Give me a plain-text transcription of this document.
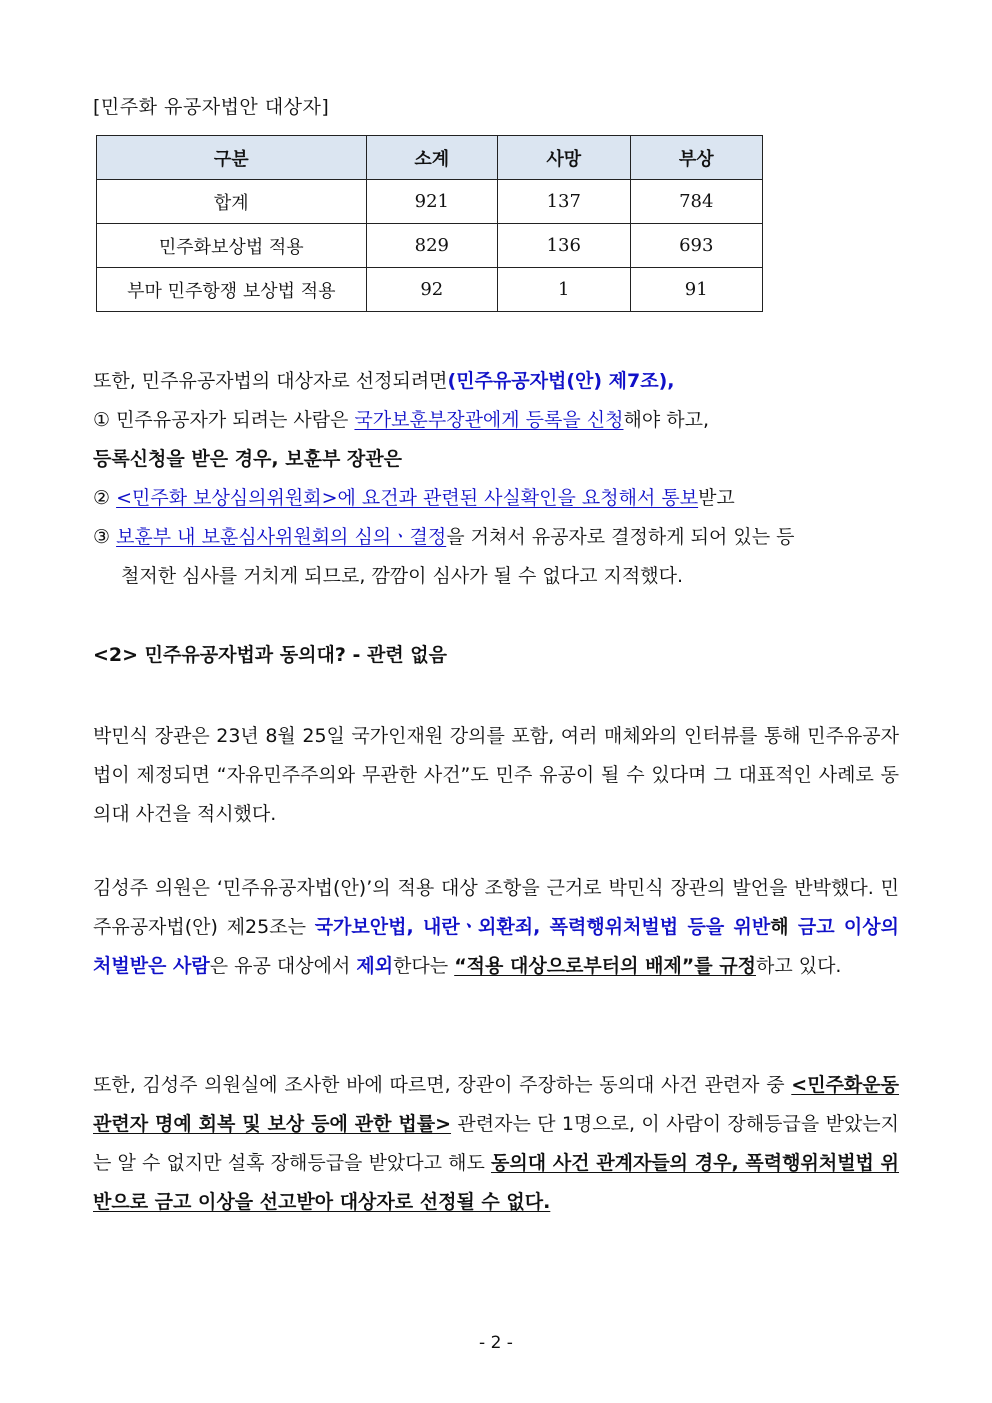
[민주화 유공자법안 대상자]
구분	소계	사망	부상
합계	921	137	784
민주화보상법 적용	829	136	693
부마 민주항쟁 보상법 적용	92	1	91
또한, 민주유공자법의 대상자로 선정되려면(민주유공자법(안) 제7조),
① 민주유공자가 되려는 사람은 국가보훈부장관에게 등록을 신청해야 하고,
등록신청을 받은 경우, 보훈부 장관은
② <민주화 보상심의위원회>에 요건과 관련된 사실확인을 요청해서 통보받고
③ 보훈부 내 보훈심사위원회의 심의ㆍ결정을 거쳐서 유공자로 결정하게 되어 있는 등
철저한 심사를 거치게 되므로, 깜깜이 심사가 될 수 없다고 지적했다.
<2> 민주유공자법과 동의대? - 관련 없음
박민식 장관은 23년 8월 25일 국가인재원 강의를 포함, 여러 매체와의 인터뷰를 통해 민주유공자법이 제정되면 “자유민주주의와 무관한 사건”도 민주 유공이 될 수 있다며 그 대표적인 사례로 동의대 사건을 적시했다.
김성주 의원은 ‘민주유공자법(안)’의 적용 대상 조항을 근거로 박민식 장관의 발언을 반박했다. 민주유공자법(안) 제25조는 국가보안법, 내란ㆍ외환죄, 폭력행위처벌법 등을 위반해 금고 이상의 처벌받은 사람은 유공 대상에서 제외한다는 “적용 대상으로부터의 배제”를 규정하고 있다.
또한, 김성주 의원실에 조사한 바에 따르면, 장관이 주장하는 동의대 사건 관련자 중 <민주화운동 관련자 명예 회복 및 보상 등에 관한 법률> 관련자는 단 1명으로, 이 사람이 장해등급을 받았는지는 알 수 없지만 설혹 장해등급을 받았다고 해도 동의대 사건 관계자들의 경우, 폭력행위처벌법 위반으로 금고 이상을 선고받아 대상자로 선정될 수 없다.
- 2 -
